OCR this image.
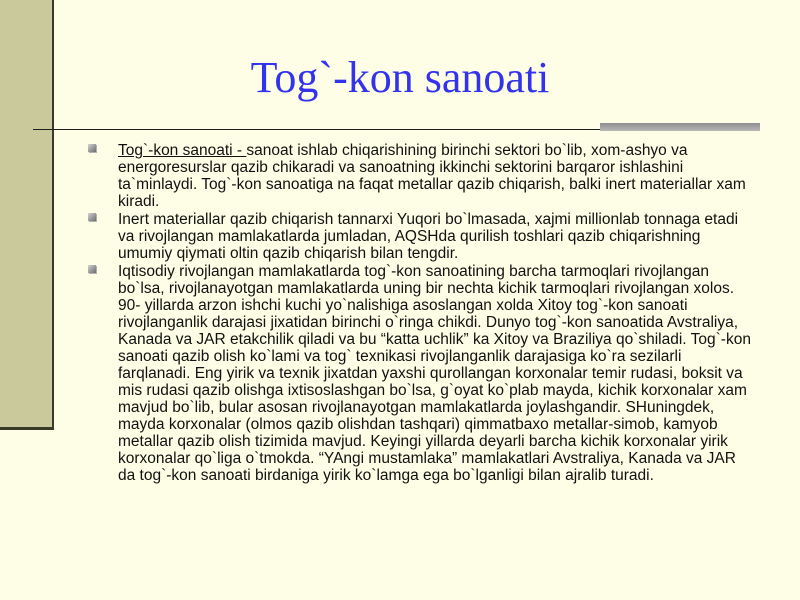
Tog`-kon sanoati
Tog`-kon sanoati - sanoat ishlab chiqarishining birinchi sektori bo`lib, xom-ashyo va energoresurslar qazib chikaradi va sanoatning ikkinchi sektorini barqaror ishlashini ta`minlaydi. Tog`-kon sanoatiga na faqat metallar qazib chiqarish, balki inert materiallar xam kiradi.
Inert materiallar qazib chiqarish tannarxi Yuqori bo`lmasada, xajmi millionlab tonnaga etadi va rivojlangan mamlakatlarda jumladan, AQSHda qurilish toshlari qazib chiqarishning umumiy qiymati oltin qazib chiqarish bilan tengdir.
Iqtisodiy rivojlangan mamlakatlarda tog`-kon sanoatining barcha tarmoqlari rivojlangan bo`lsa, rivojlanayotgan mamlakatlarda uning bir nechta kichik tarmoqlari rivojlangan xolos. 90- yillarda arzon ishchi kuchi yo`nalishiga asoslangan xolda Xitoy tog`-kon sanoati rivojlanganlik darajasi jixatidan birinchi o`ringa chikdi. Dunyo tog`-kon sanoatida Avstraliya, Kanada va JAR etakchilik qiladi va bu “katta uchlik” ka Xitoy va Braziliya qo`shiladi. Tog`-kon sanoati qazib olish ko`lami va tog` texnikasi rivojlanganlik darajasiga ko`ra sezilarli farqlanadi. Eng yirik va texnik jixatdan yaxshi qurollangan korxonalar temir rudasi, boksit va mis rudasi qazib olishga ixtisoslashgan bo`lsa, g`oyat ko`plab mayda, kichik korxonalar xam mavjud bo`lib, bular asosan rivojlanayotgan mamlakatlarda joylashgandir. SHuningdek, mayda korxonalar (olmos qazib olishdan tashqari) qimmatbaxo metallar-simob, kamyob metallar qazib olish tizimida mavjud. Keyingi yillarda deyarli barcha kichik korxonalar yirik korxonalar qo`liga o`tmokda. “YAngi mustamlaka” mamlakatlari Avstraliya, Kanada va JAR da tog`-kon sanoati birdaniga yirik ko`lamga ega bo`lganligi bilan ajralib turadi.
